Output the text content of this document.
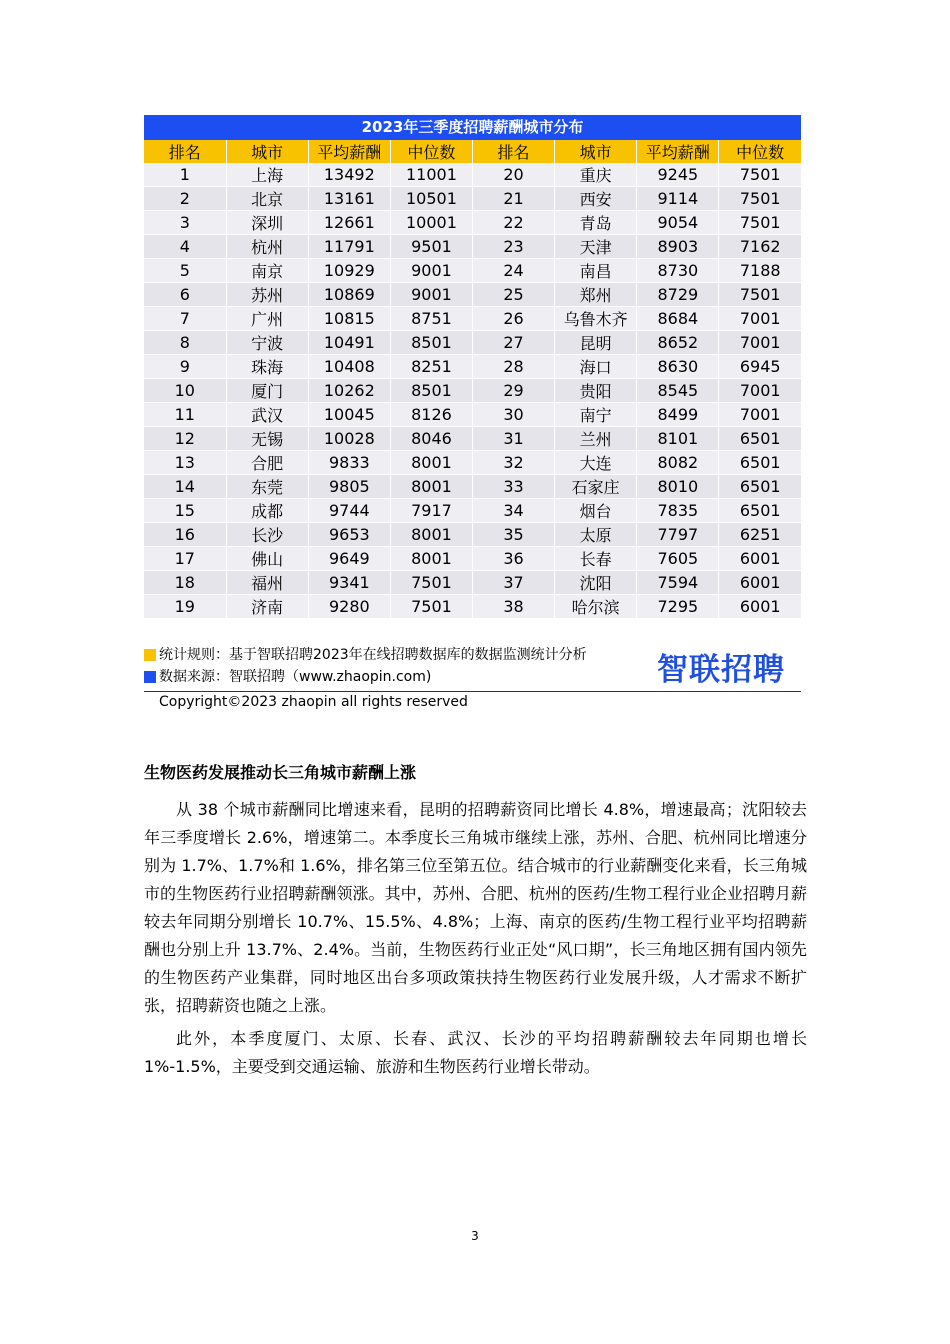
2023年三季度招聘薪酬城市分布
排名	城市	平均薪酬	中位数	排名	城市	平均薪酬	中位数
1	上海	13492	11001	20	重庆	9245	7501
2	北京	13161	10501	21	西安	9114	7501
3	深圳	12661	10001	22	青岛	9054	7501
4	杭州	11791	9501	23	天津	8903	7162
5	南京	10929	9001	24	南昌	8730	7188
6	苏州	10869	9001	25	郑州	8729	7501
7	广州	10815	8751	26	乌鲁木齐	8684	7001
8	宁波	10491	8501	27	昆明	8652	7001
9	珠海	10408	8251	28	海口	8630	6945
10	厦门	10262	8501	29	贵阳	8545	7001
11	武汉	10045	8126	30	南宁	8499	7001
12	无锡	10028	8046	31	兰州	8101	6501
13	合肥	9833	8001	32	大连	8082	6501
14	东莞	9805	8001	33	石家庄	8010	6501
15	成都	9744	7917	34	烟台	7835	6501
16	长沙	9653	8001	35	太原	7797	6251
17	佛山	9649	8001	36	长春	7605	6001
18	福州	9341	7501	37	沈阳	7594	6001
19	济南	9280	7501	38	哈尔滨	7295	6001
统计规则：基于智联招聘2023年在线招聘数据库的数据监测统计分析
数据来源：智联招聘（www.zhaopin.com)	智联招聘
Copyright©2023 zhaopin all rights reserved
生物医药发展推动长三角城市薪酬上涨

从 38 个城市薪酬同比增速来看，昆明的招聘薪资同比增长 4.8%，增速最高；沈阳较去年三季度增长 2.6%，增速第二。本季度长三角城市继续上涨，苏州、合肥、杭州同比增速分别为 1.7%、1.7%和 1.6%，排名第三位至第五位。结合城市的行业薪酬变化来看，长三角城市的生物医药行业招聘薪酬领涨。其中，苏州、合肥、杭州的医药/生物工程行业企业招聘月薪较去年同期分别增长 10.7%、15.5%、4.8%；上海、南京的医药/生物工程行业平均招聘薪酬也分别上升 13.7%、2.4%。当前，生物医药行业正处“风口期”，长三角地区拥有国内领先的生物医药产业集群，同时地区出台多项政策扶持生物医药行业发展升级，人才需求不断扩张，招聘薪资也随之上涨。

此外，本季度厦门、太原、长春、武汉、长沙的平均招聘薪酬较去年同期也增长 1%-1.5%，主要受到交通运输、旅游和生物医药行业增长带动。

3
